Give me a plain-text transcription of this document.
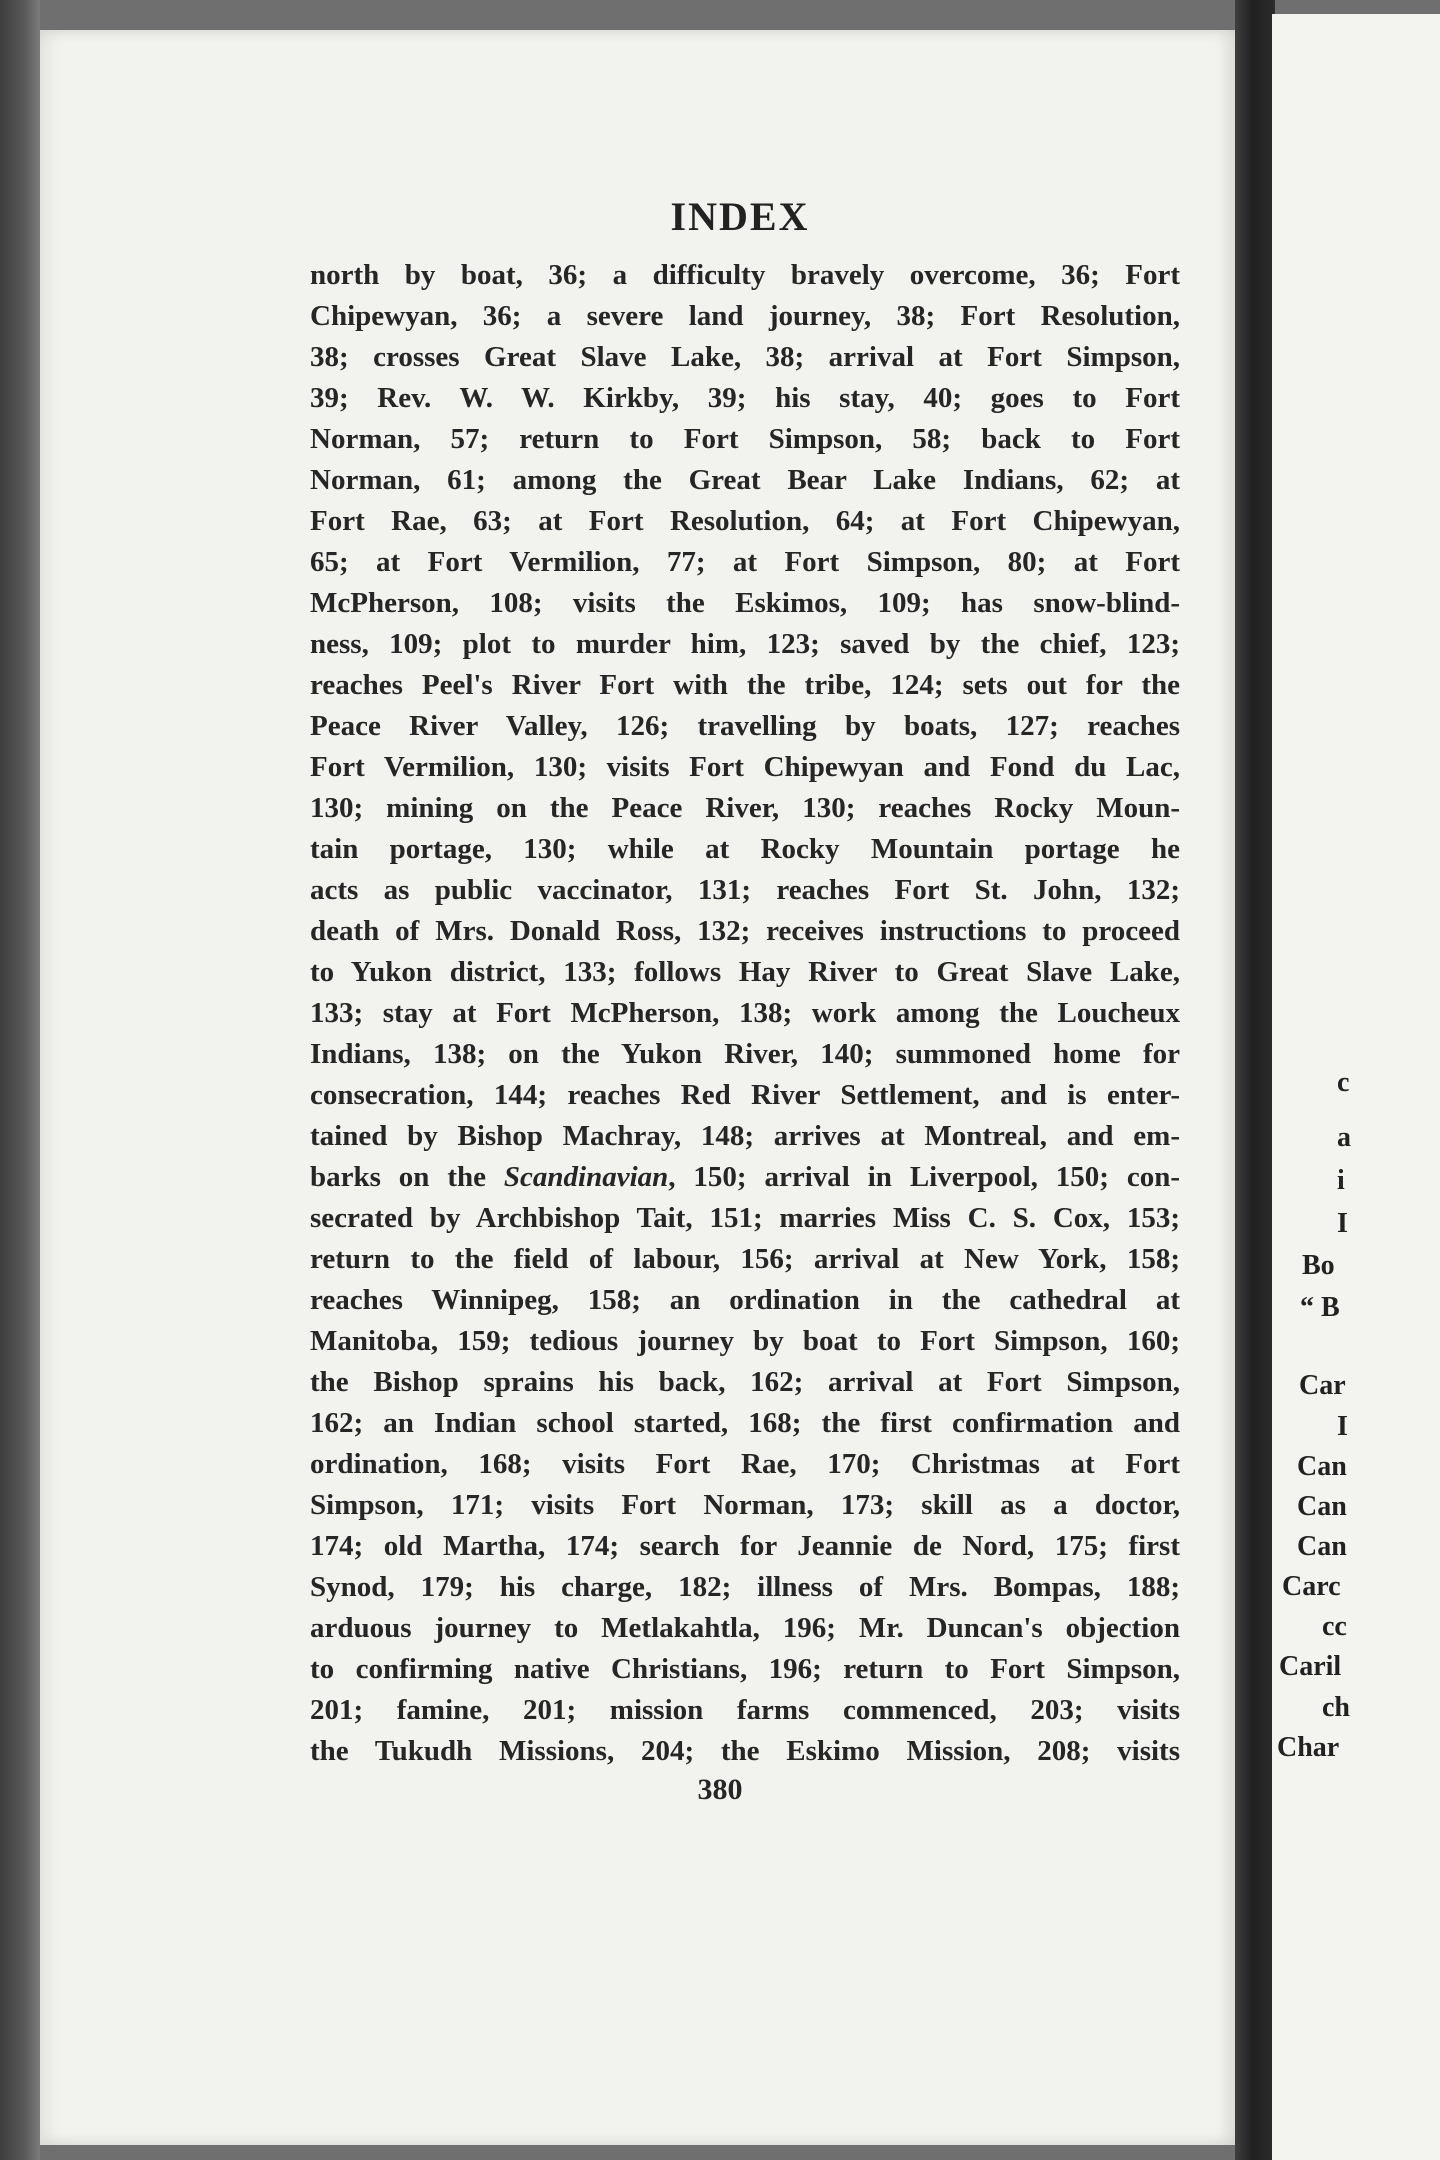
INDEX
north by boat, 36; a difficulty bravely overcome, 36; Fort
Chipewyan, 36; a severe land journey, 38; Fort Resolution,
38; crosses Great Slave Lake, 38; arrival at Fort Simpson,
39; Rev. W. W. Kirkby, 39; his stay, 40; goes to Fort
Norman, 57; return to Fort Simpson, 58; back to Fort
Norman, 61; among the Great Bear Lake Indians, 62; at
Fort Rae, 63; at Fort Resolution, 64; at Fort Chipewyan,
65; at Fort Vermilion, 77; at Fort Simpson, 80; at Fort
McPherson, 108; visits the Eskimos, 109; has snow-blind-
ness, 109; plot to murder him, 123; saved by the chief, 123;
reaches Peel's River Fort with the tribe, 124; sets out for the
Peace River Valley, 126; travelling by boats, 127; reaches
Fort Vermilion, 130; visits Fort Chipewyan and Fond du Lac,
130; mining on the Peace River, 130; reaches Rocky Moun-
tain portage, 130; while at Rocky Mountain portage he
acts as public vaccinator, 131; reaches Fort St. John, 132;
death of Mrs. Donald Ross, 132; receives instructions to proceed
to Yukon district, 133; follows Hay River to Great Slave Lake,
133; stay at Fort McPherson, 138; work among the Loucheux
Indians, 138; on the Yukon River, 140; summoned home for
consecration, 144; reaches Red River Settlement, and is enter-
tained by Bishop Machray, 148; arrives at Montreal, and em-
barks on the Scandinavian, 150; arrival in Liverpool, 150; con-
secrated by Archbishop Tait, 151; marries Miss C. S. Cox, 153;
return to the field of labour, 156; arrival at New York, 158;
reaches Winnipeg, 158; an ordination in the cathedral at
Manitoba, 159; tedious journey by boat to Fort Simpson, 160;
the Bishop sprains his back, 162; arrival at Fort Simpson,
162; an Indian school started, 168; the first confirmation and
ordination, 168; visits Fort Rae, 170; Christmas at Fort
Simpson, 171; visits Fort Norman, 173; skill as a doctor,
174; old Martha, 174; search for Jeannie de Nord, 175; first
Synod, 179; his charge, 182; illness of Mrs. Bompas, 188;
arduous journey to Metlakahtla, 196; Mr. Duncan's objection
to confirming native Christians, 196; return to Fort Simpson,
201; famine, 201; mission farms commenced, 203; visits
the Tukudh Missions, 204; the Eskimo Mission, 208; visits
380
c
a
i
I
Bo
“ B
Car
I
Can
Can
Can
Carc
cc
Caril
ch
Char
